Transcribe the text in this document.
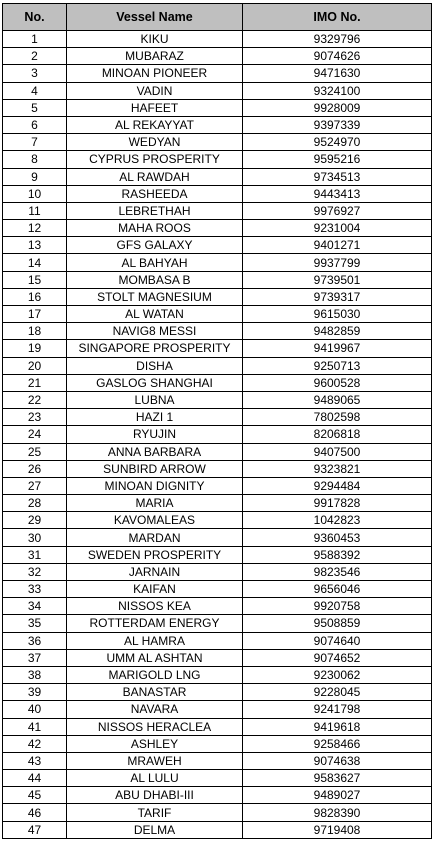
No.	Vessel Name	IMO No.
1	KIKU	9329796
2	MUBARAZ	9074626
3	MINOAN PIONEER	9471630
4	VADIN	9324100
5	HAFEET	9928009
6	AL REKAYYAT	9397339
7	WEDYAN	9524970
8	CYPRUS PROSPERITY	9595216
9	AL RAWDAH	9734513
10	RASHEEDA	9443413
11	LEBRETHAH	9976927
12	MAHA ROOS	9231004
13	GFS GALAXY	9401271
14	AL BAHYAH	9937799
15	MOMBASA B	9739501
16	STOLT MAGNESIUM	9739317
17	AL WATAN	9615030
18	NAVIG8 MESSI	9482859
19	SINGAPORE PROSPERITY	9419967
20	DISHA	9250713
21	GASLOG SHANGHAI	9600528
22	LUBNA	9489065
23	HAZI 1	7802598
24	RYUJIN	8206818
25	ANNA BARBARA	9407500
26	SUNBIRD ARROW	9323821
27	MINOAN DIGNITY	9294484
28	MARIA	9917828
29	KAVOMALEAS	1042823
30	MARDAN	9360453
31	SWEDEN PROSPERITY	9588392
32	JARNAIN	9823546
33	KAIFAN	9656046
34	NISSOS KEA	9920758
35	ROTTERDAM ENERGY	9508859
36	AL HAMRA	9074640
37	UMM AL ASHTAN	9074652
38	MARIGOLD LNG	9230062
39	BANASTAR	9228045
40	NAVARA	9241798
41	NISSOS HERACLEA	9419618
42	ASHLEY	9258466
43	MRAWEH	9074638
44	AL LULU	9583627
45	ABU DHABI-III	9489027
46	TARIF	9828390
47	DELMA	9719408
